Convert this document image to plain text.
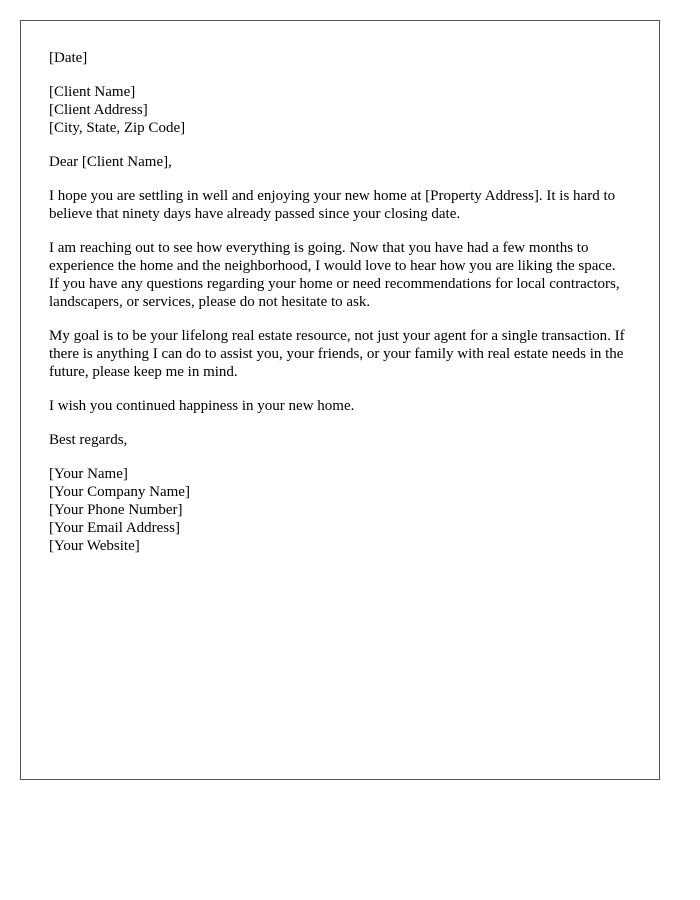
[Date]
[Client Name]
[Client Address]
[City, State, Zip Code]
Dear [Client Name],

I hope you are settling in well and enjoying your new home at [Property Address]. It is hard to believe that ninety days have already passed since your closing date.

I am reaching out to see how everything is going. Now that you have had a few months to experience the home and the neighborhood, I would love to hear how you are liking the space. If you have any questions regarding your home or need recommendations for local contractors, landscapers, or services, please do not hesitate to ask.

My goal is to be your lifelong real estate resource, not just your agent for a single transaction. If there is anything I can do to assist you, your friends, or your family with real estate needs in the future, please keep me in mind.

I wish you continued happiness in your new home.

Best regards,
[Your Name]
[Your Company Name]
[Your Phone Number]
[Your Email Address]
[Your Website]
